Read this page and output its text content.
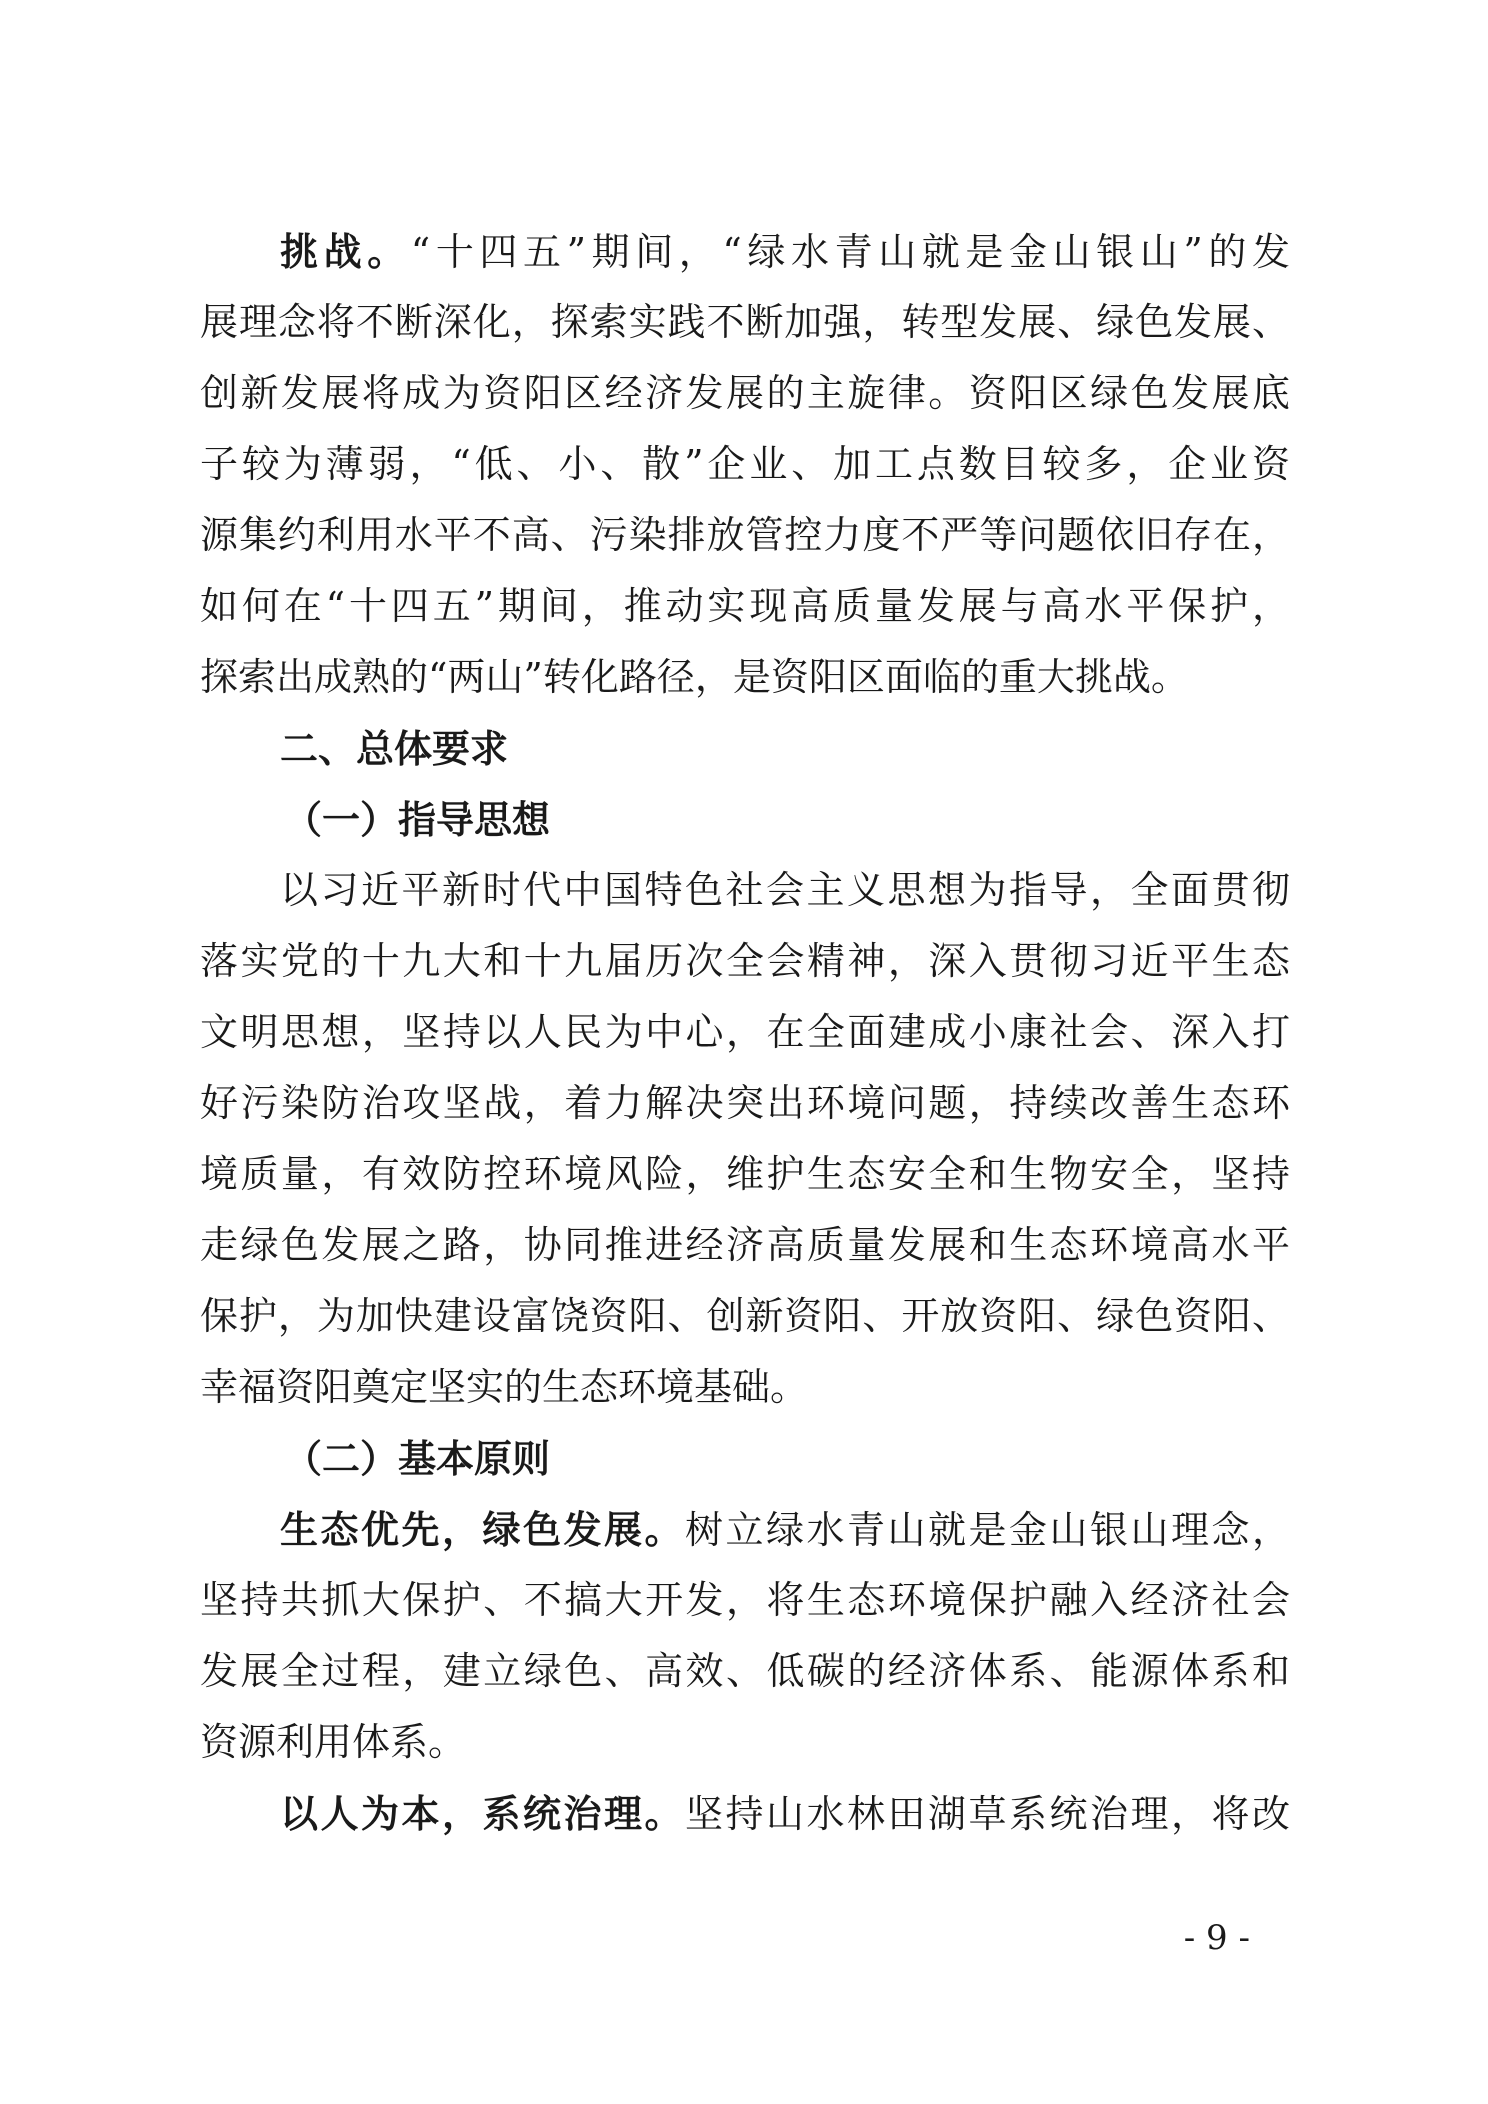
挑战。“十四五”期间，“绿水青山就是金山银山”的发
展理念将不断深化，探索实践不断加强，转型发展、绿色发展、
创新发展将成为资阳区经济发展的主旋律。资阳区绿色发展底
子较为薄弱，“低、小、散”企业、加工点数目较多，企业资
源集约利用水平不高、污染排放管控力度不严等问题依旧存在，
如何在“十四五”期间，推动实现高质量发展与高水平保护，
探索出成熟的“两山”转化路径，是资阳区面临的重大挑战。
二、总体要求
（一）指导思想
以习近平新时代中国特色社会主义思想为指导，全面贯彻
落实党的十九大和十九届历次全会精神，深入贯彻习近平生态
文明思想，坚持以人民为中心，在全面建成小康社会、深入打
好污染防治攻坚战，着力解决突出环境问题，持续改善生态环
境质量，有效防控环境风险，维护生态安全和生物安全，坚持
走绿色发展之路，协同推进经济高质量发展和生态环境高水平
保护，为加快建设富饶资阳、创新资阳、开放资阳、绿色资阳、
幸福资阳奠定坚实的生态环境基础。
（二）基本原则
生态优先，绿色发展。树立绿水青山就是金山银山理念，
坚持共抓大保护、不搞大开发，将生态环境保护融入经济社会
发展全过程，建立绿色、高效、低碳的经济体系、能源体系和
资源利用体系。
以人为本，系统治理。坚持山水林田湖草系统治理，将改
- 9 -
